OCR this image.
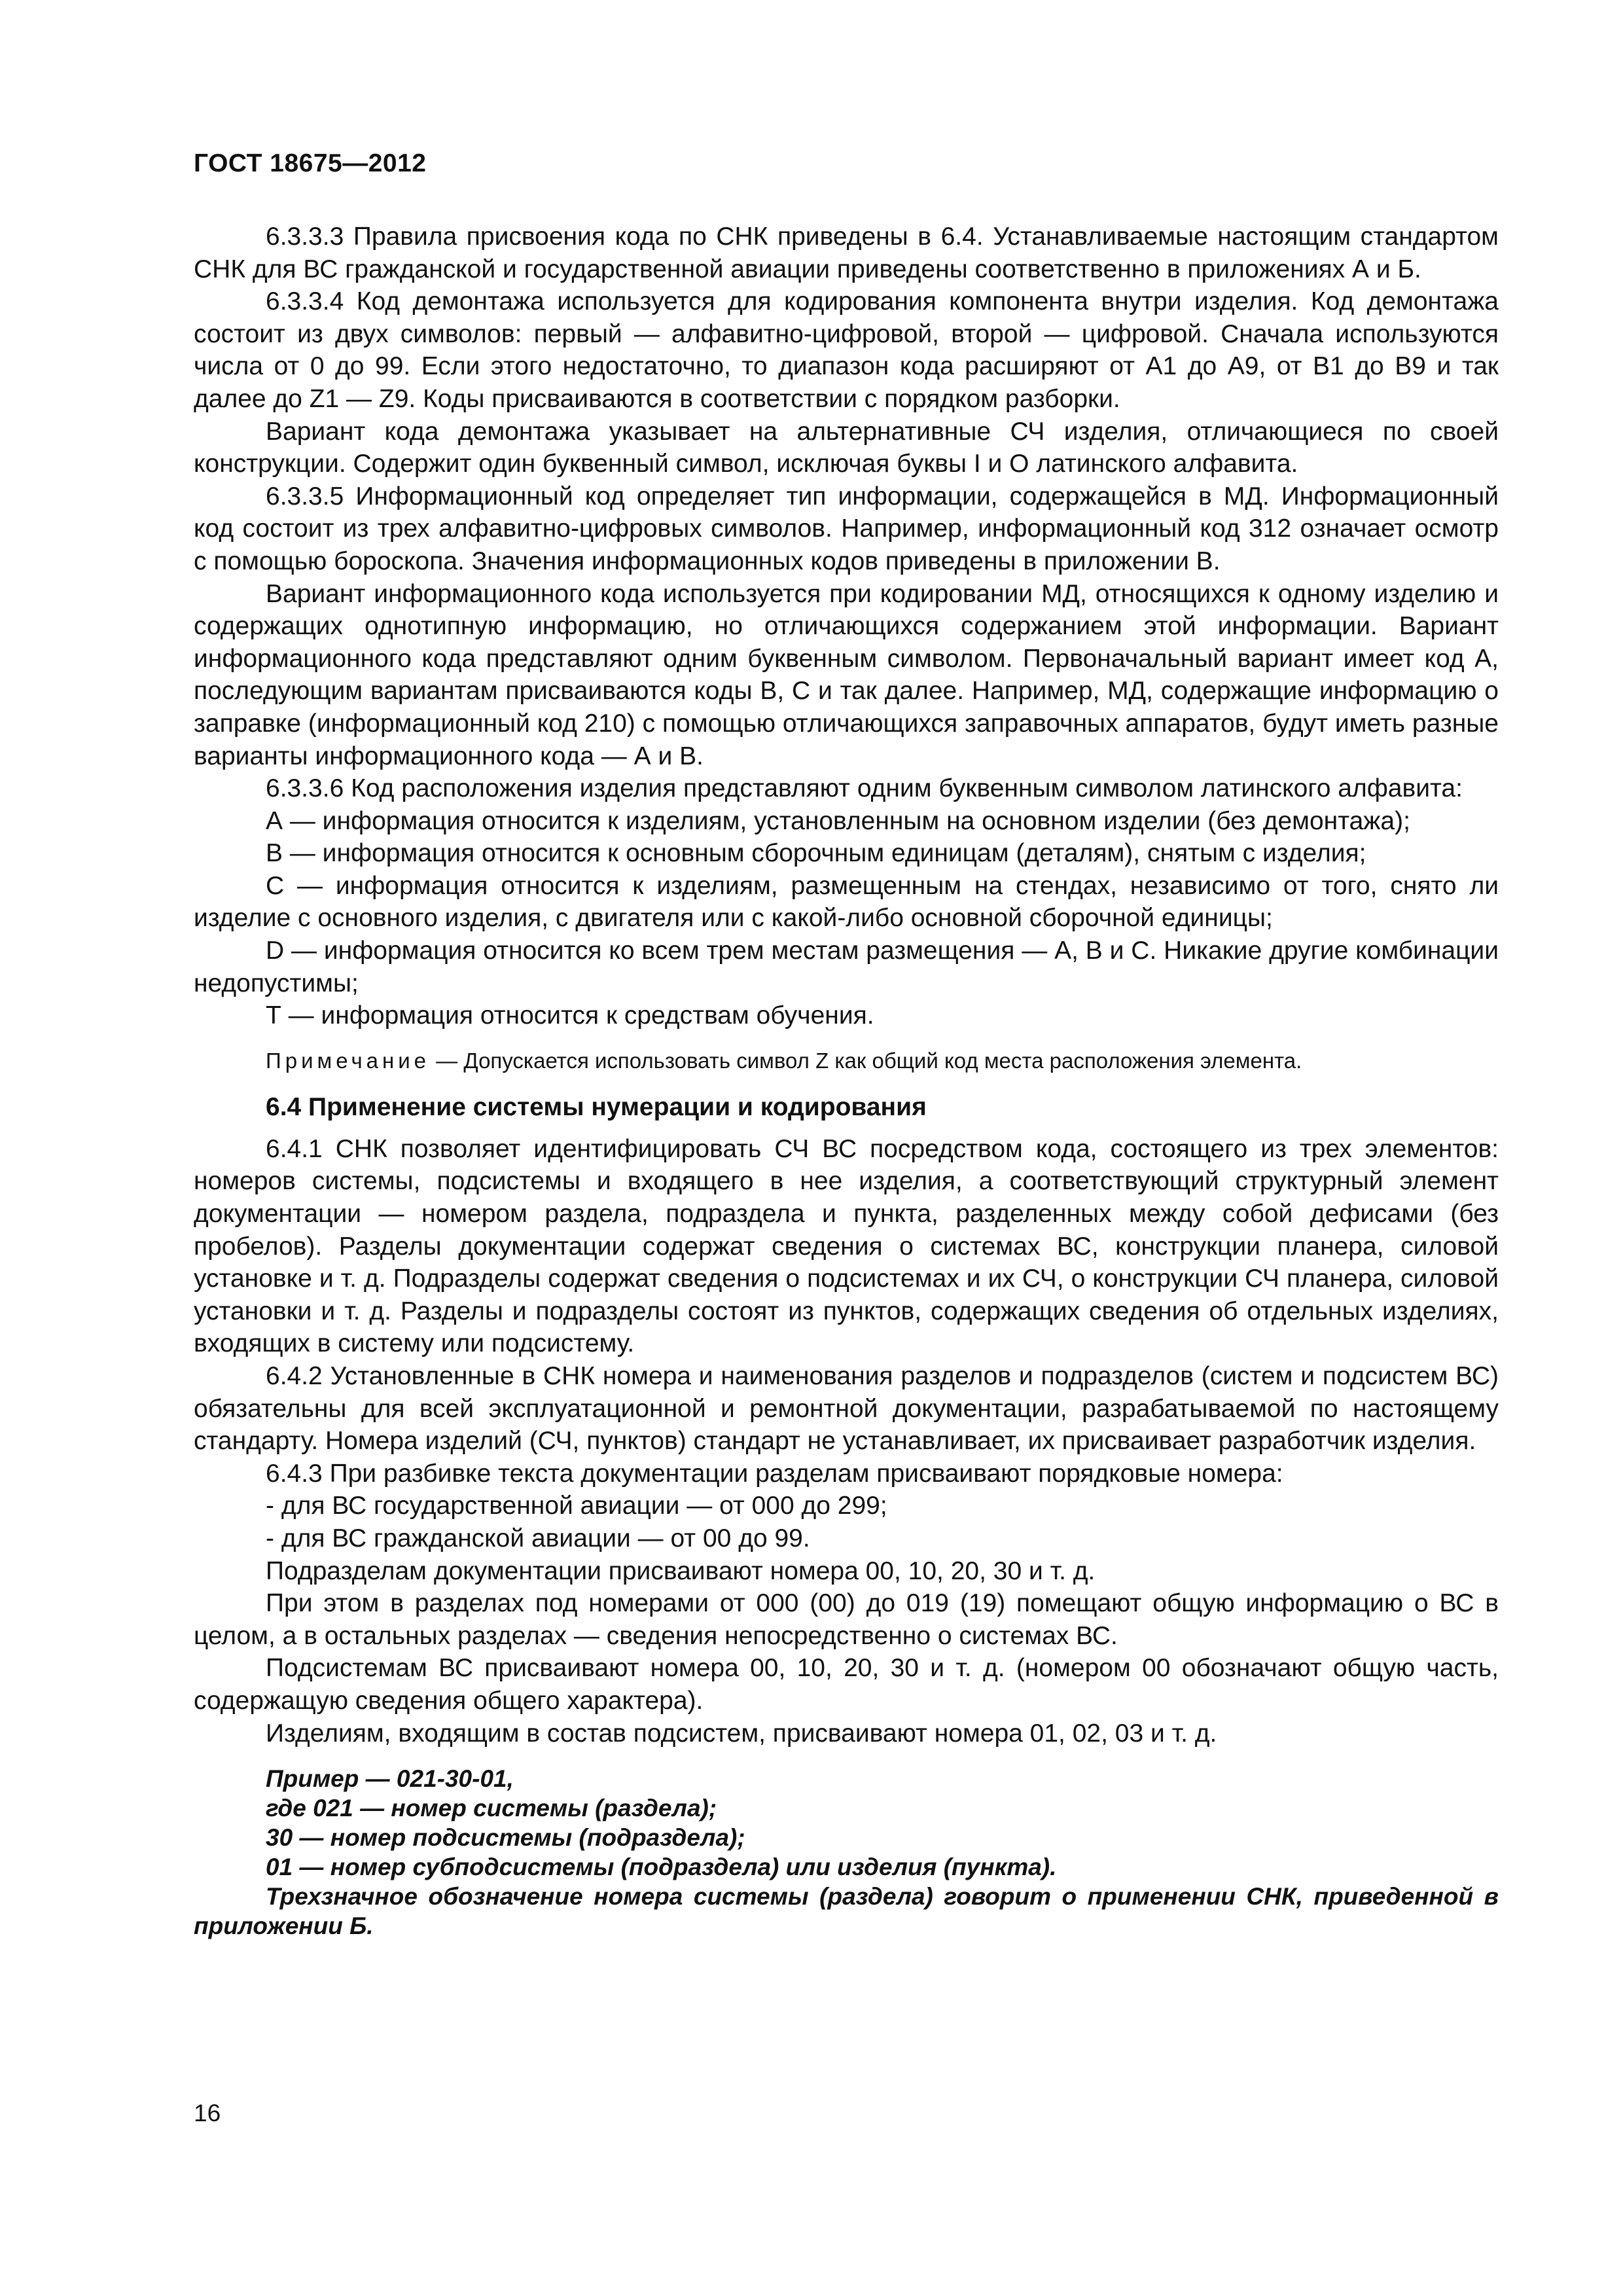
ГОСТ 18675—2012

6.3.3.3 Правила присвоения кода по СНК приведены в 6.4. Устанавливаемые настоящим стандартом СНК для ВС гражданской и государственной авиации приведены соответственно в приложениях А и Б.

6.3.3.4 Код демонтажа используется для кодирования компонента внутри изделия. Код демонтажа состоит из двух символов: первый — алфавитно-цифровой, второй — цифровой. Сначала используются числа от 0 до 99. Если этого недостаточно, то диапазон кода расширяют от А1 до А9, от В1 до В9 и так далее до Z1 — Z9. Коды присваиваются в соответствии с порядком разборки.

Вариант кода демонтажа указывает на альтернативные СЧ изделия, отличающиеся по своей конструкции. Содержит один буквенный символ, исключая буквы I и О латинского алфавита.

6.3.3.5 Информационный код определяет тип информации, содержащейся в МД. Информационный код состоит из трех алфавитно-цифровых символов. Например, информационный код 312 означает осмотр с помощью бороскопа. Значения информационных кодов приведены в приложении В.

Вариант информационного кода используется при кодировании МД, относящихся к одному изделию и содержащих однотипную информацию, но отличающихся содержанием этой информации. Вариант информационного кода представляют одним буквенным символом. Первоначальный вариант имеет код А, последующим вариантам присваиваются коды В, С и так далее. Например, МД, содержащие информацию о заправке (информационный код 210) с помощью отличающихся заправочных аппаратов, будут иметь разные варианты информационного кода — А и В.

6.3.3.6 Код расположения изделия представляют одним буквенным символом латинского алфавита:

А — информация относится к изделиям, установленным на основном изделии (без демонтажа);

В — информация относится к основным сборочным единицам (деталям), снятым с изделия;

С — информация относится к изделиям, размещенным на стендах, независимо от того, снято ли изделие с основного изделия, с двигателя или с какой-либо основной сборочной единицы;

D — информация относится ко всем трем местам размещения — А, В и С. Никакие другие комбинации недопустимы;

Т — информация относится к средствам обучения.

Примечание — Допускается использовать символ Z как общий код места расположения элемента.

6.4 Применение системы нумерации и кодирования

6.4.1 СНК позволяет идентифицировать СЧ ВС посредством кода, состоящего из трех элементов: номеров системы, подсистемы и входящего в нее изделия, а соответствующий структурный элемент документации — номером раздела, подраздела и пункта, разделенных между собой дефисами (без пробелов). Разделы документации содержат сведения о системах ВС, конструкции планера, силовой установке и т. д. Подразделы содержат сведения о подсистемах и их СЧ, о конструкции СЧ планера, силовой установки и т. д. Разделы и подразделы состоят из пунктов, содержащих сведения об отдельных изделиях, входящих в систему или подсистему.

6.4.2 Установленные в СНК номера и наименования разделов и подразделов (систем и подсистем ВС) обязательны для всей эксплуатационной и ремонтной документации, разрабатываемой по настоящему стандарту. Номера изделий (СЧ, пунктов) стандарт не устанавливает, их присваивает разработчик изделия.

6.4.3 При разбивке текста документации разделам присваивают порядковые номера:

- для ВС государственной авиации — от 000 до 299;

- для ВС гражданской авиации — от 00 до 99.

Подразделам документации присваивают номера 00, 10, 20, 30 и т. д.

При этом в разделах под номерами от 000 (00) до 019 (19) помещают общую информацию о ВС в целом, а в остальных разделах — сведения непосредственно о системах ВС.

Подсистемам ВС присваивают номера 00, 10, 20, 30 и т. д. (номером 00 обозначают общую часть, содержащую сведения общего характера).

Изделиям, входящим в состав подсистем, присваивают номера 01, 02, 03 и т. д.

Пример — 021-30-01,

где 021 — номер системы (раздела);

30 — номер подсистемы (подраздела);

01 — номер субподсистемы (подраздела) или изделия (пункта).

Трехзначное обозначение номера системы (раздела) говорит о применении СНК, приведенной в приложении Б.

16
